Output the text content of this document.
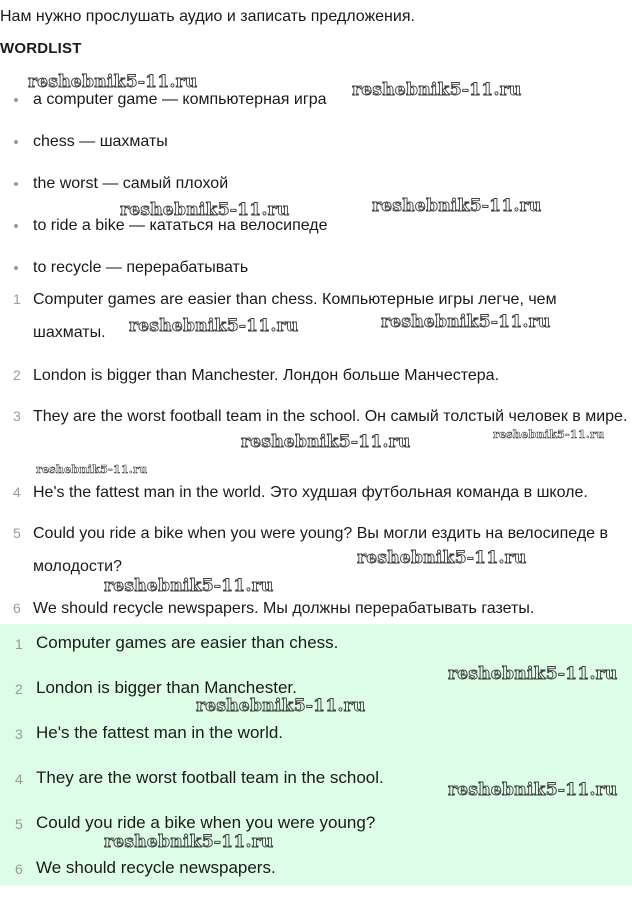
Нам нужно прослушать аудио и записать предложения.
WORDLIST
a computer game — компьютерная игра
chess — шахматы
the worst — самый плохой
to ride a bike — кататься на велосипеде
to recycle — перерабатывать
1 Computer games are easier than chess. Компьютерные игры легче, чем шахматы.
2 London is bigger than Manchester. Лондон больше Манчестера.
3 They are the worst football team in the school. Он самый толстый человек в мире.
4 He's the fattest man in the world. Это худшая футбольная команда в школе.
5 Could you ride a bike when you were young? Вы могли ездить на велосипеде в молодости?
6 We should recycle newspapers. Мы должны перерабатывать газеты.
1 Computer games are easier than chess.
2 London is bigger than Manchester.
3 He's the fattest man in the world.
4 They are the worst football team in the school.
5 Could you ride a bike when you were young?
6 We should recycle newspapers.
reshebnik5-11.ru	reshebnik5-11.ru
reshebnik5-11.ru	reshebnik5-11.ru
reshebnik5-11.ru	reshebnik5-11.ru
reshebnik5-11.ru	reshebnik5-11.ru
reshebnik5-11.ru
reshebnik5-11.ru
reshebnik5-11.ru
reshebnik5-11.ru
reshebnik5-11.ru
reshebnik5-11.ru
reshebnik5-11.ru
